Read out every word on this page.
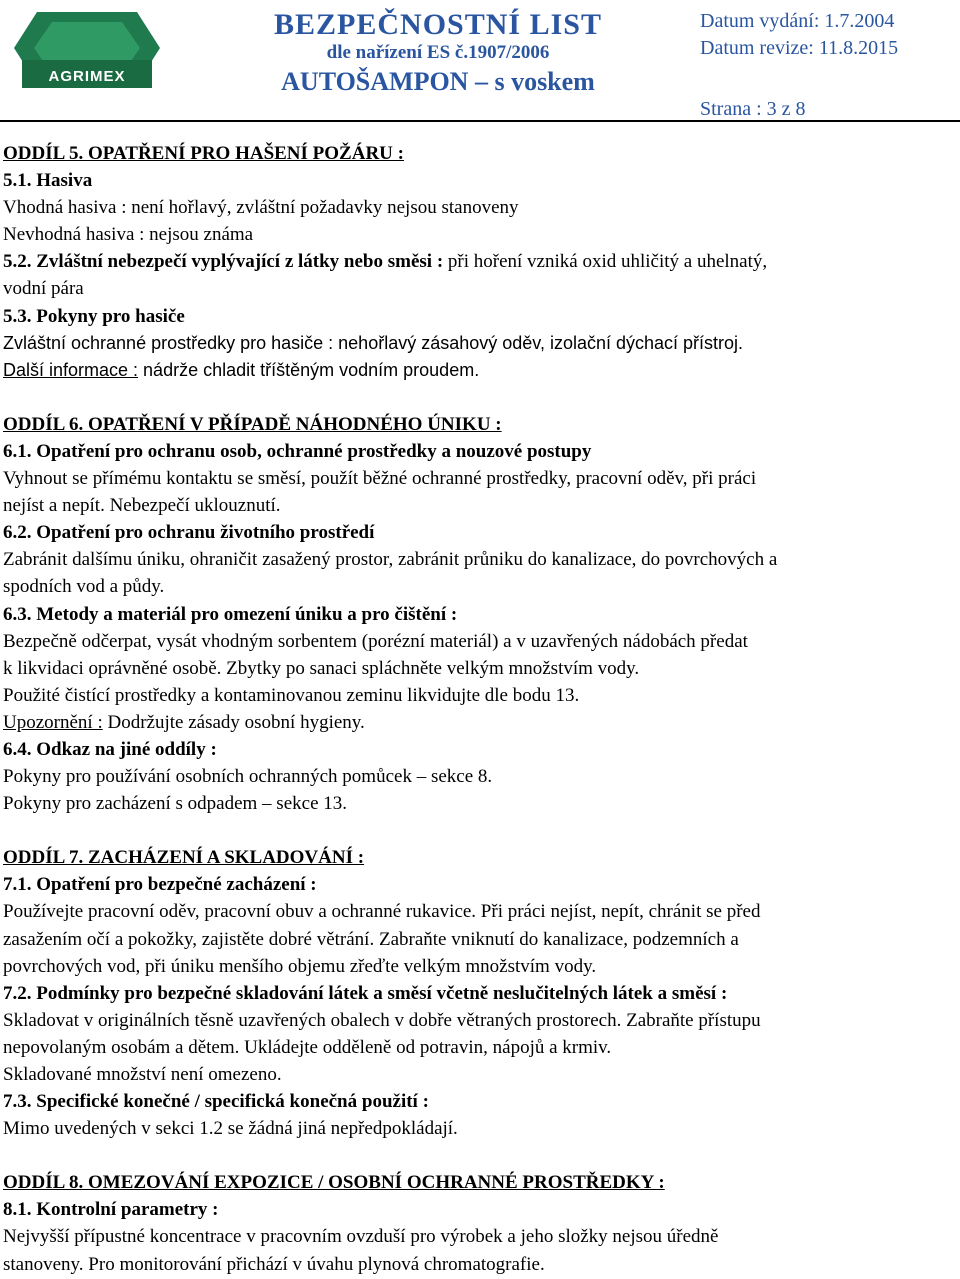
AGRIMEX
BEZPEČNOSTNÍ LIST
dle nařízení ES č.1907/2006
AUTOŠAMPON – s voskem
Datum vydání: 1.7.2004
Datum revize: 11.8.2015
Strana : 3 z 8
ODDÍL 5. OPATŘENÍ PRO HAŠENÍ POŽÁRU :
5.1. Hasiva
Vhodná hasiva : není hořlavý, zvláštní požadavky nejsou stanoveny
Nevhodná hasiva : nejsou známa
5.2. Zvláštní nebezpečí vyplývající z látky nebo směsi : při hoření vzniká oxid uhličitý a uhelnatý,
vodní pára
5.3. Pokyny pro hasiče
Zvláštní ochranné prostředky pro hasiče : nehořlavý zásahový oděv, izolační dýchací přístroj.
Další informace : nádrže chladit tříštěným vodním proudem.
ODDÍL 6. OPATŘENÍ V PŘÍPADĚ NÁHODNÉHO ÚNIKU :
6.1. Opatření pro ochranu osob, ochranné prostředky a nouzové postupy
Vyhnout se přímému kontaktu se směsí, použít běžné ochranné prostředky, pracovní oděv, při práci
nejíst a nepít. Nebezpečí uklouznutí.
6.2. Opatření pro ochranu životního prostředí
Zabránit dalšímu úniku, ohraničit zasažený prostor, zabránit průniku do kanalizace, do povrchových a
spodních vod a půdy.
6.3. Metody a materiál pro omezení úniku a pro čištění :
Bezpečně odčerpat, vysát vhodným sorbentem (porézní materiál) a v uzavřených nádobách předat
k likvidaci oprávněné osobě. Zbytky po sanaci spláchněte velkým množstvím vody.
Použité čistící prostředky a kontaminovanou zeminu likvidujte dle bodu 13.
Upozornění : Dodržujte zásady osobní hygieny.
6.4. Odkaz na jiné oddíly :
Pokyny pro používání osobních ochranných pomůcek – sekce 8.
Pokyny pro zacházení s odpadem – sekce 13.
ODDÍL 7. ZACHÁZENÍ A SKLADOVÁNÍ :
7.1. Opatření pro bezpečné zacházení :
Používejte pracovní oděv, pracovní obuv a ochranné rukavice. Při práci nejíst, nepít, chránit se před
zasažením očí a pokožky, zajistěte dobré větrání. Zabraňte vniknutí do kanalizace, podzemních a
povrchových vod, při úniku menšího objemu zřeďte velkým množstvím vody.
7.2. Podmínky pro bezpečné skladování látek a směsí včetně neslučitelných látek a směsí :
Skladovat v originálních těsně uzavřených obalech v dobře větraných prostorech. Zabraňte přístupu
nepovolaným osobám a dětem. Ukládejte odděleně od potravin, nápojů a krmiv.
Skladované množství není omezeno.
7.3. Specifické konečné / specifická konečná použití :
Mimo uvedených v sekci 1.2 se žádná jiná nepředpokládají.
ODDÍL 8. OMEZOVÁNÍ EXPOZICE / OSOBNÍ OCHRANNÉ PROSTŘEDKY :
8.1. Kontrolní parametry :
Nejvyšší přípustné koncentrace v pracovním ovzduší pro výrobek a jeho složky nejsou úředně
stanoveny. Pro monitorování přichází v úvahu plynová chromatografie.
